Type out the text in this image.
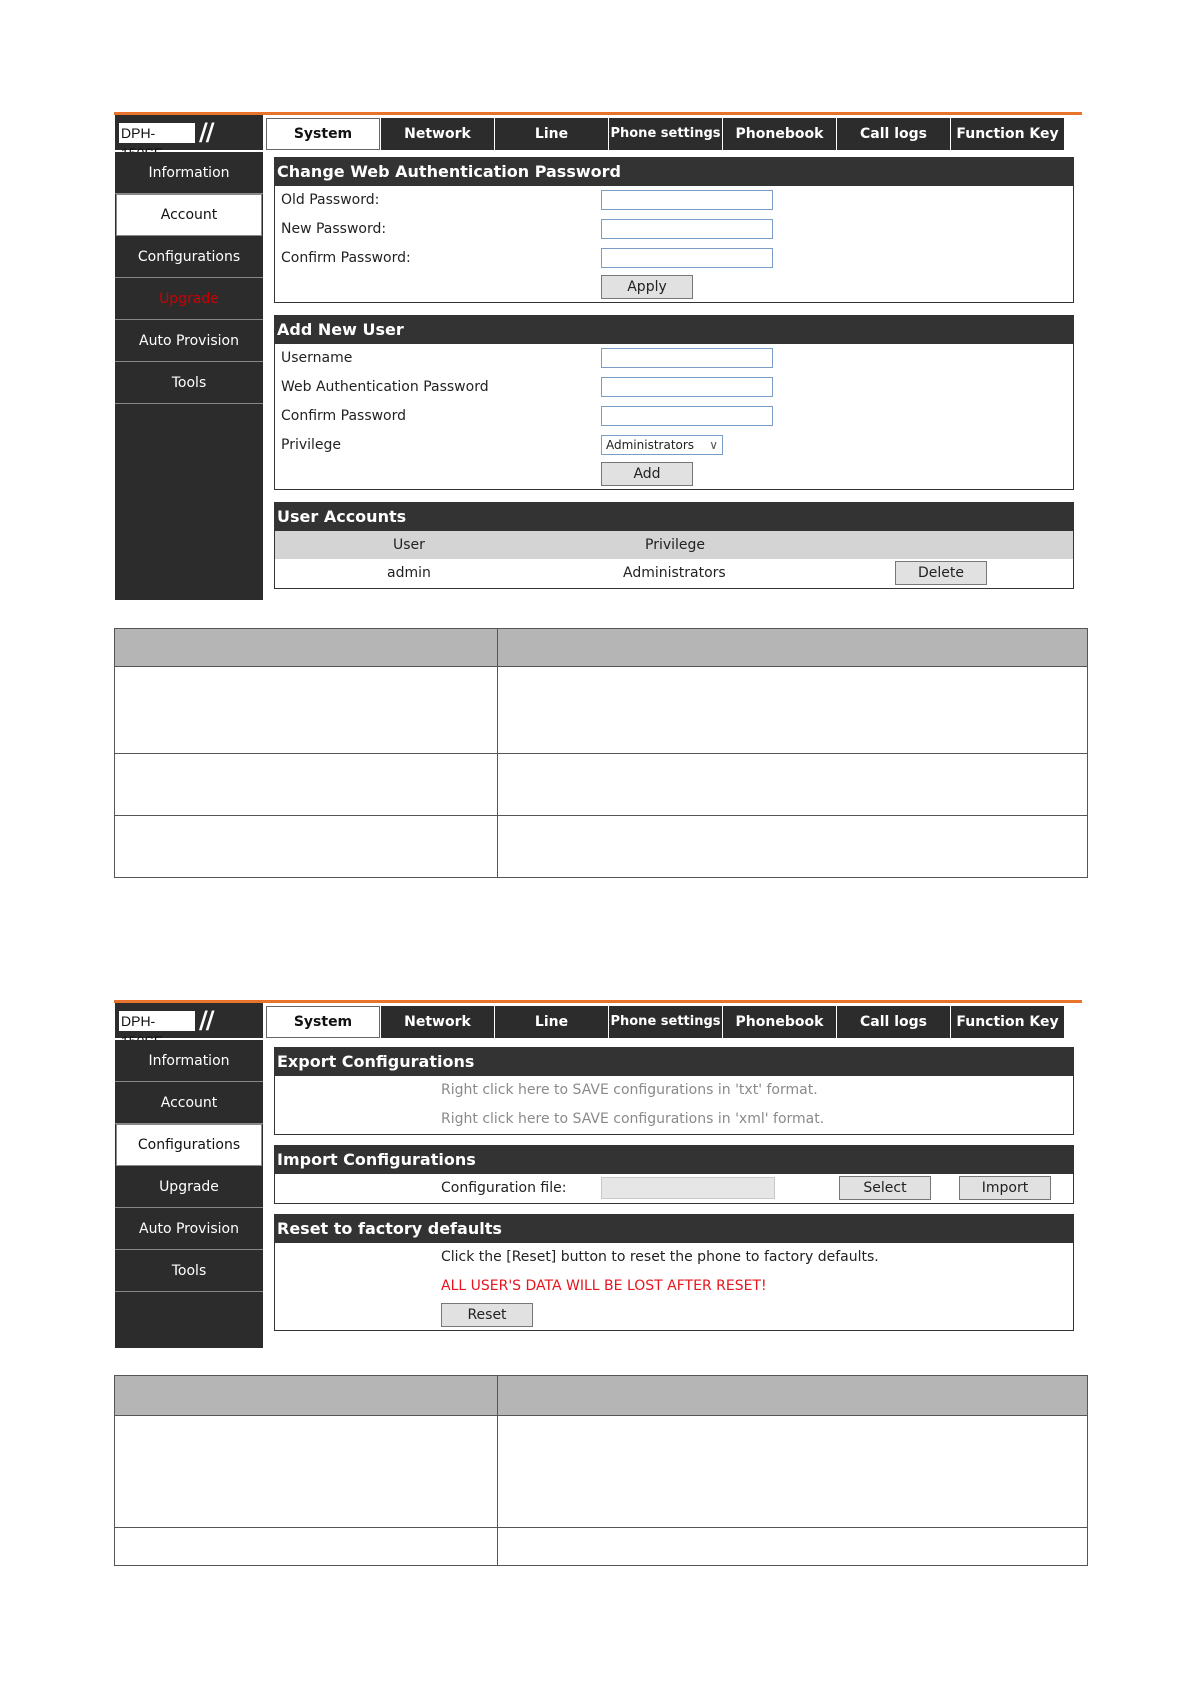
DPH-	//	System	Network	Line	Phone settings	Phonebook	Call logs	Function Key
Information
Account
Configurations
Upgrade
Auto Provision
Tools
Change Web Authentication Password
Old Password:
New Password:
Confirm Password:
Apply
Add New User
Username
Web Authentication Password
Confirm Password
Privilege	Administrators ∨
Add
User Accounts
User	Privilege
admin	Administrators	Delete

DPH-	//	System	Network	Line	Phone settings	Phonebook	Call logs	Function Key
Information
Account
Configurations
Upgrade
Auto Provision
Tools
Export Configurations
Right click here to SAVE configurations in 'txt' format.
Right click here to SAVE configurations in 'xml' format.
Import Configurations
Configuration file:	Select	Import
Reset to factory defaults
Click the [Reset] button to reset the phone to factory defaults.
ALL USER'S DATA WILL BE LOST AFTER RESET!
Reset
